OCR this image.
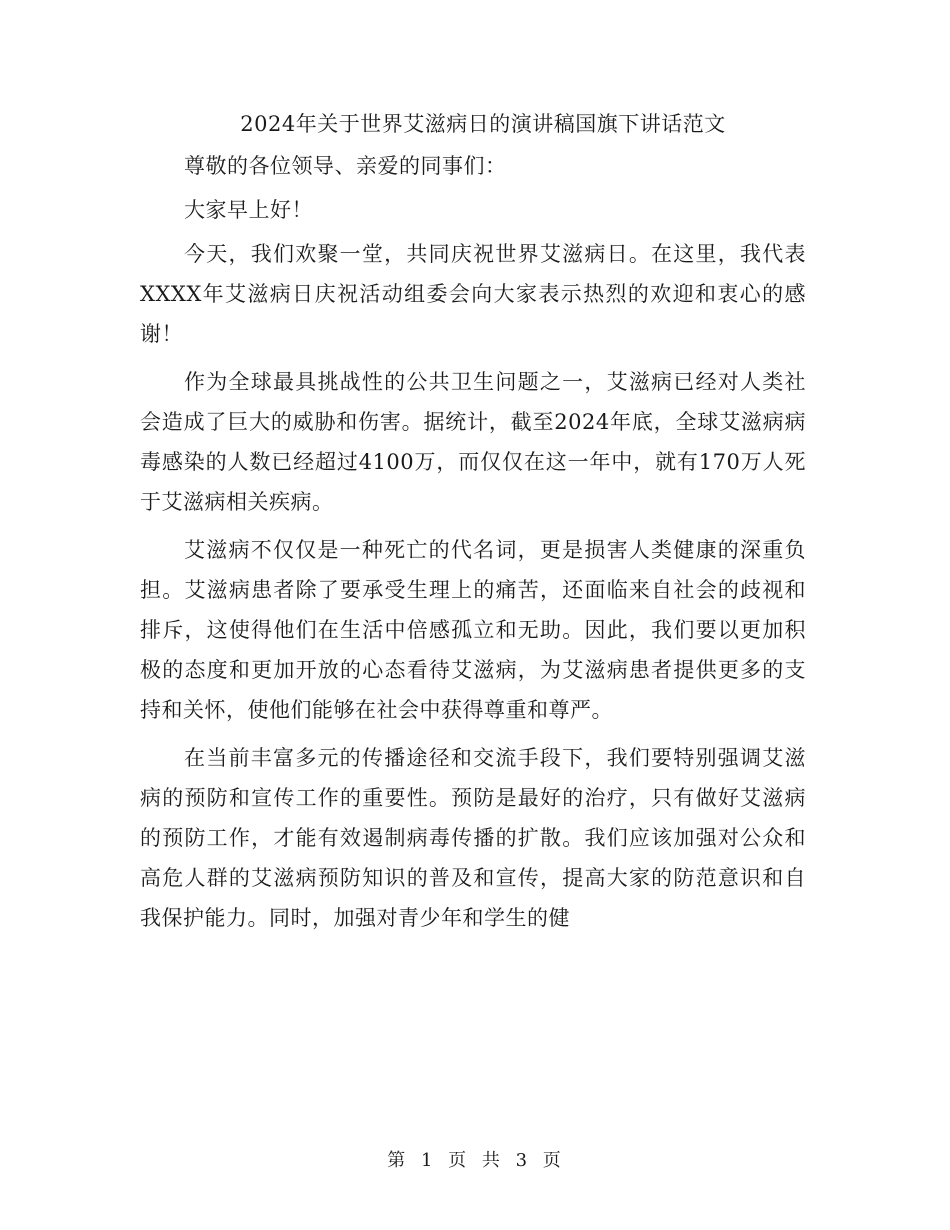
2024年关于世界艾滋病日的演讲稿国旗下讲话范文

尊敬的各位领导、亲爱的同事们：

大家早上好！

今天，我们欢聚一堂，共同庆祝世界艾滋病日。在这里，我代表XXXX年艾滋病日庆祝活动组委会向大家表示热烈的欢迎和衷心的感谢！

作为全球最具挑战性的公共卫生问题之一，艾滋病已经对人类社会造成了巨大的威胁和伤害。据统计，截至2024年底，全球艾滋病病毒感染的人数已经超过4100万，而仅仅在这一年中，就有170万人死于艾滋病相关疾病。

艾滋病不仅仅是一种死亡的代名词，更是损害人类健康的深重负担。艾滋病患者除了要承受生理上的痛苦，还面临来自社会的歧视和排斥，这使得他们在生活中倍感孤立和无助。因此，我们要以更加积极的态度和更加开放的心态看待艾滋病，为艾滋病患者提供更多的支持和关怀，使他们能够在社会中获得尊重和尊严。

在当前丰富多元的传播途径和交流手段下，我们要特别强调艾滋病的预防和宣传工作的重要性。预防是最好的治疗，只有做好艾滋病的预防工作，才能有效遏制病毒传播的扩散。我们应该加强对公众和高危人群的艾滋病预防知识的普及和宣传，提高大家的防范意识和自我保护能力。同时，加强对青少年和学生的健

第 1 页 共 3 页
